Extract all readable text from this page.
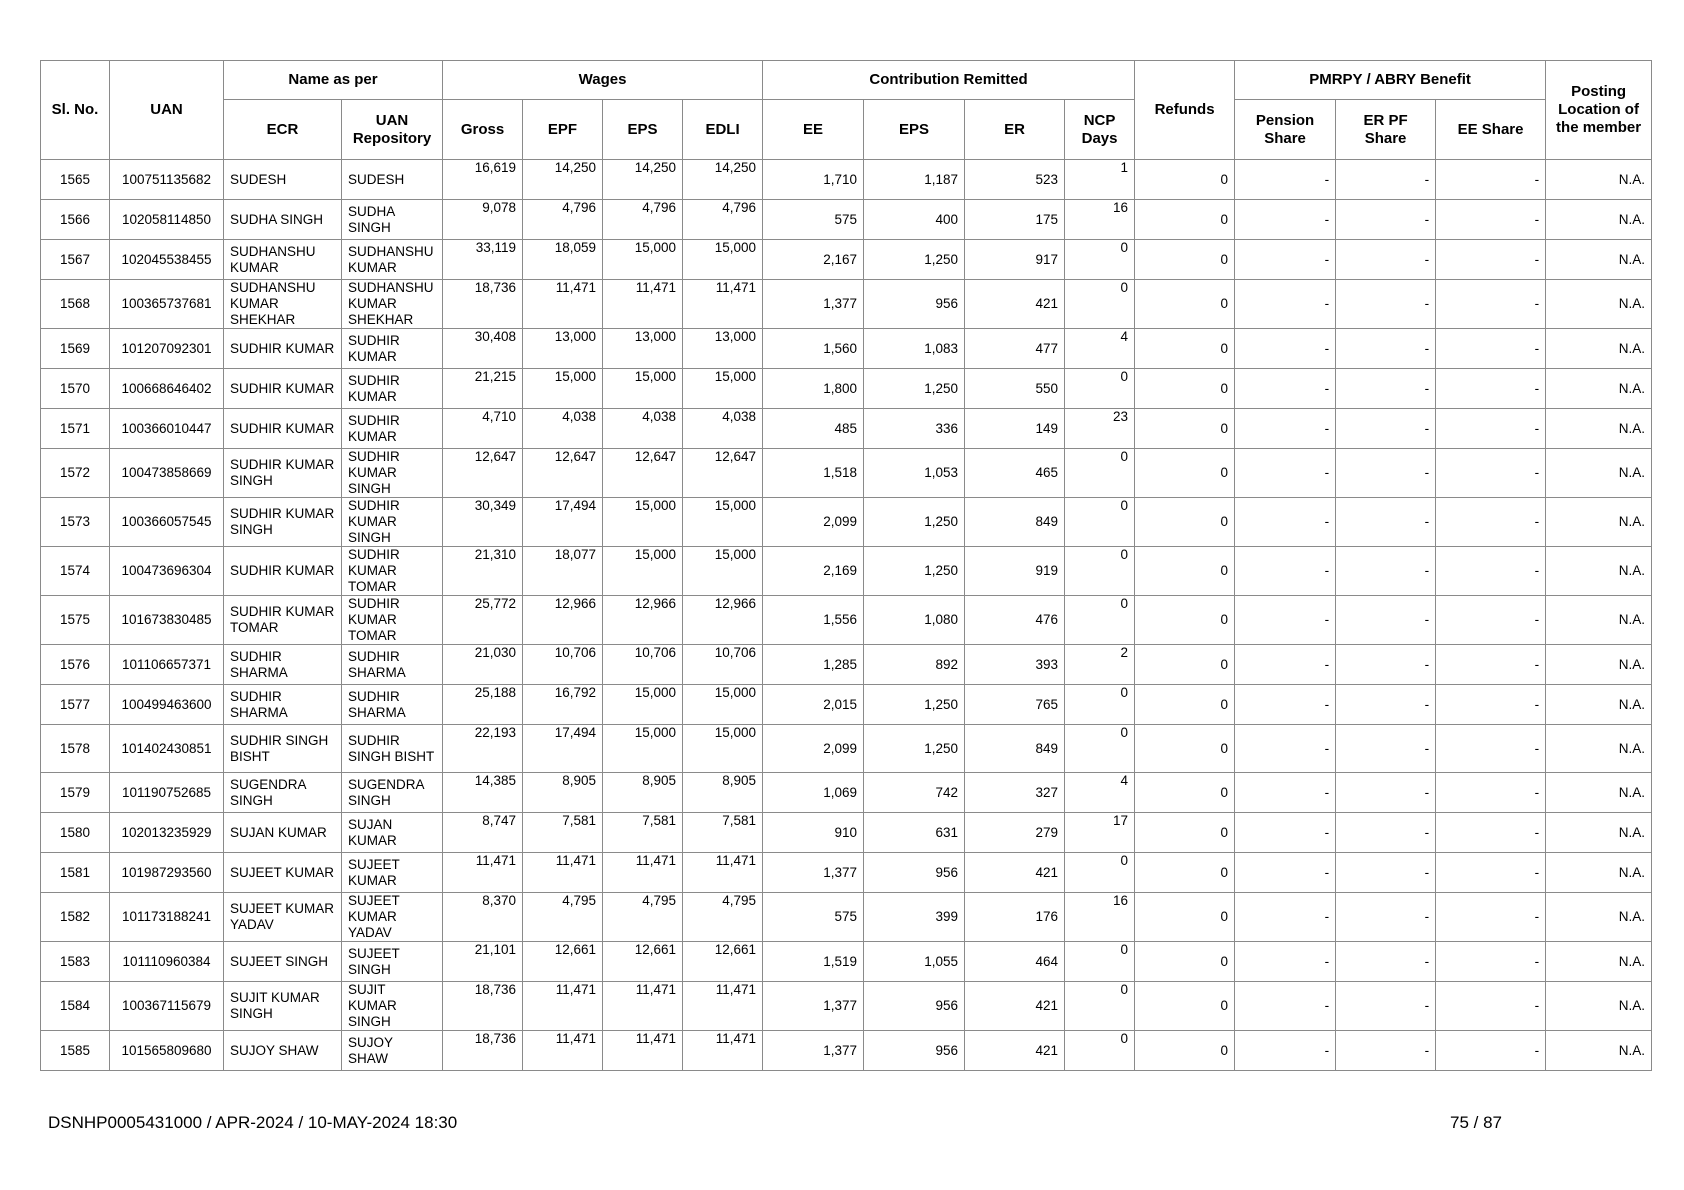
Sl. No.	UAN	Name as per		Wages				Contribution Remitted				Refunds	PMRPY / ABRY Benefit			Posting Location of the member
		ECR	UAN Repository	Gross	EPF	EPS	EDLI	EE	EPS	ER	NCP Days		Pension Share	ER PF Share	EE Share	
1565	100751135682	SUDESH	SUDESH	16,619	14,250	14,250	14,250	1,710	1,187	523	1	0	-	-	-	N.A.
1566	102058114850	SUDHA SINGH	SUDHA SINGH	9,078	4,796	4,796	4,796	575	400	175	16	0	-	-	-	N.A.
1567	102045538455	SUDHANSHU KUMAR	SUDHANSHU KUMAR	33,119	18,059	15,000	15,000	2,167	1,250	917	0	0	-	-	-	N.A.
1568	100365737681	SUDHANSHU KUMAR SHEKHAR	SUDHANSHU KUMAR SHEKHAR	18,736	11,471	11,471	11,471	1,377	956	421	0	0	-	-	-	N.A.
1569	101207092301	SUDHIR KUMAR	SUDHIR KUMAR	30,408	13,000	13,000	13,000	1,560	1,083	477	4	0	-	-	-	N.A.
1570	100668646402	SUDHIR KUMAR	SUDHIR KUMAR	21,215	15,000	15,000	15,000	1,800	1,250	550	0	0	-	-	-	N.A.
1571	100366010447	SUDHIR KUMAR	SUDHIR KUMAR	4,710	4,038	4,038	4,038	485	336	149	23	0	-	-	-	N.A.
1572	100473858669	SUDHIR KUMAR SINGH	SUDHIR KUMAR SINGH	12,647	12,647	12,647	12,647	1,518	1,053	465	0	0	-	-	-	N.A.
1573	100366057545	SUDHIR KUMAR SINGH	SUDHIR KUMAR SINGH	30,349	17,494	15,000	15,000	2,099	1,250	849	0	0	-	-	-	N.A.
1574	100473696304	SUDHIR KUMAR	SUDHIR KUMAR TOMAR	21,310	18,077	15,000	15,000	2,169	1,250	919	0	0	-	-	-	N.A.
1575	101673830485	SUDHIR KUMAR TOMAR	SUDHIR KUMAR TOMAR	25,772	12,966	12,966	12,966	1,556	1,080	476	0	0	-	-	-	N.A.
1576	101106657371	SUDHIR SHARMA	SUDHIR SHARMA	21,030	10,706	10,706	10,706	1,285	892	393	2	0	-	-	-	N.A.
1577	100499463600	SUDHIR SHARMA	SUDHIR SHARMA	25,188	16,792	15,000	15,000	2,015	1,250	765	0	0	-	-	-	N.A.
1578	101402430851	SUDHIR SINGH BISHT	SUDHIR SINGH BISHT	22,193	17,494	15,000	15,000	2,099	1,250	849	0	0	-	-	-	N.A.
1579	101190752685	SUGENDRA SINGH	SUGENDRA SINGH	14,385	8,905	8,905	8,905	1,069	742	327	4	0	-	-	-	N.A.
1580	102013235929	SUJAN KUMAR	SUJAN KUMAR	8,747	7,581	7,581	7,581	910	631	279	17	0	-	-	-	N.A.
1581	101987293560	SUJEET KUMAR	SUJEET KUMAR	11,471	11,471	11,471	11,471	1,377	956	421	0	0	-	-	-	N.A.
1582	101173188241	SUJEET KUMAR YADAV	SUJEET KUMAR YADAV	8,370	4,795	4,795	4,795	575	399	176	16	0	-	-	-	N.A.
1583	101110960384	SUJEET SINGH	SUJEET SINGH	21,101	12,661	12,661	12,661	1,519	1,055	464	0	0	-	-	-	N.A.
1584	100367115679	SUJIT KUMAR SINGH	SUJIT KUMAR SINGH	18,736	11,471	11,471	11,471	1,377	956	421	0	0	-	-	-	N.A.
1585	101565809680	SUJOY SHAW	SUJOY SHAW	18,736	11,471	11,471	11,471	1,377	956	421	0	0	-	-	-	N.A.
DSNHP0005431000 / APR-2024 / 10-MAY-2024 18:30	75 / 87
